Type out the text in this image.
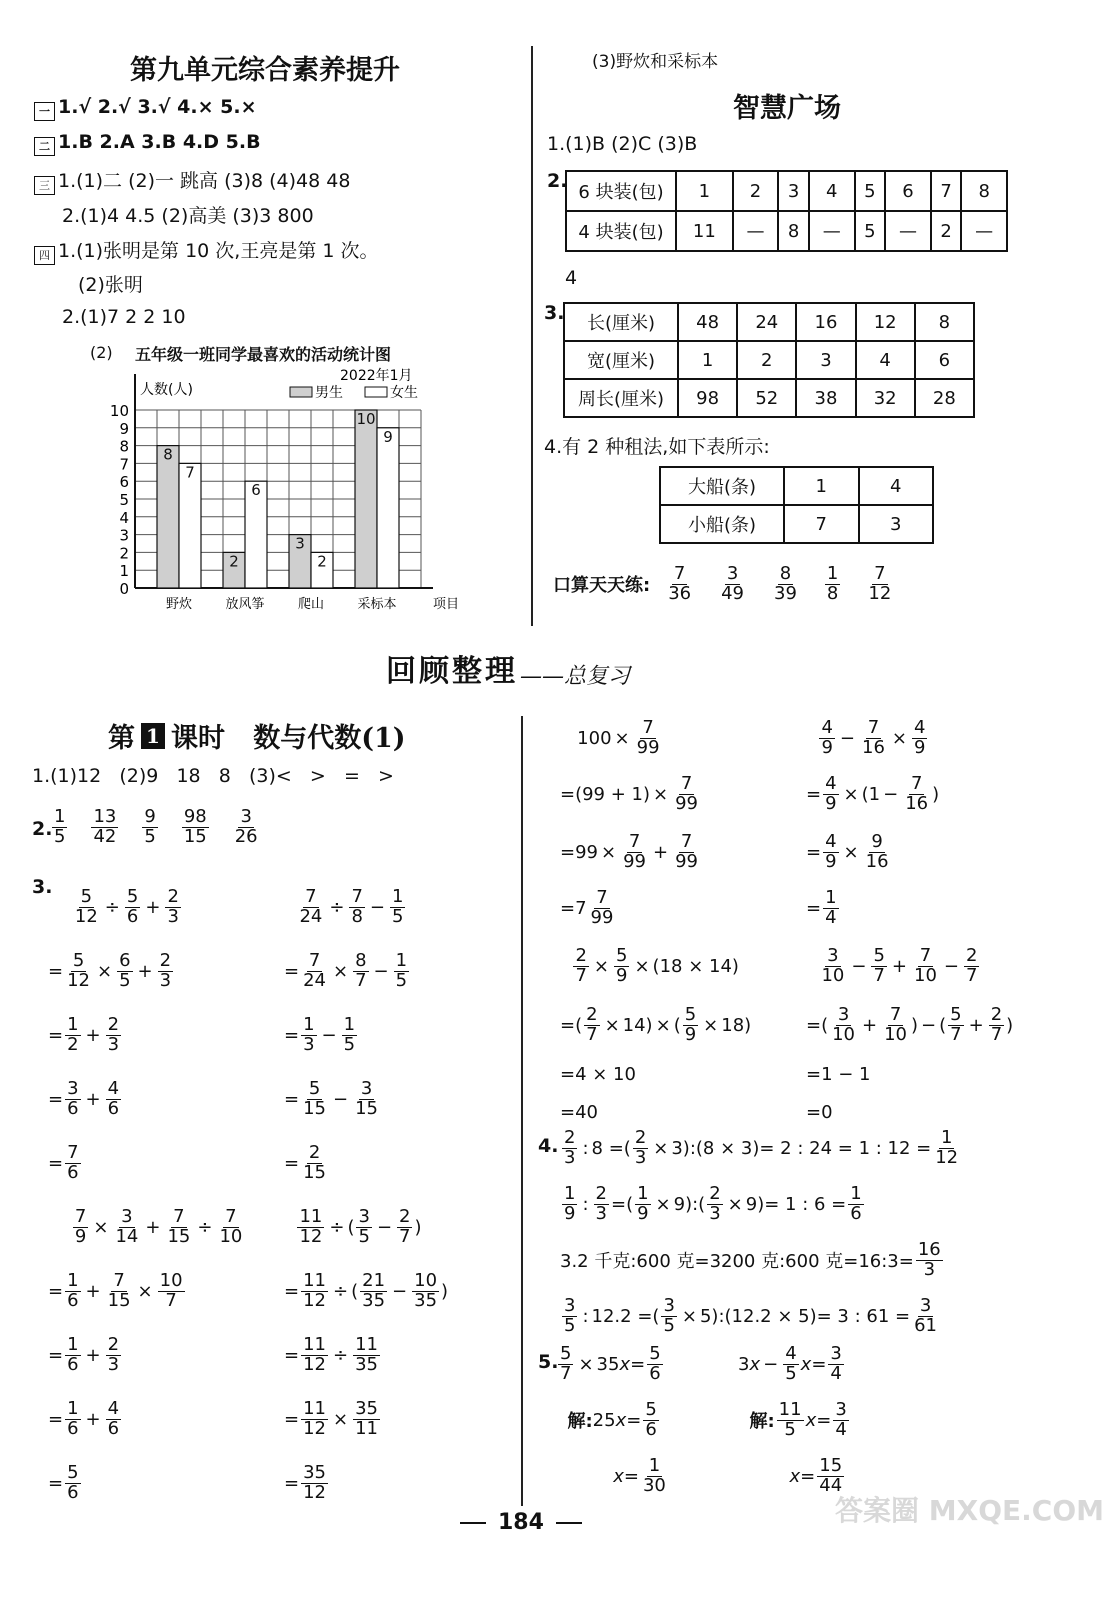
第九单元综合素养提升
一 1.√ 2.√ 3.√ 4.× 5.×
二 1.B 2.A 3.B 4.D 5.B
三 1.(1)二 (2)一 跳高 (3)8 (4)48 48
2.(1)4 4.5 (2)高美 (3)3 800
四 1.(1)张明是第 10 次,王亮是第 1 次。
(2)张明
2.(1)7 2 2 10
(2) 五年级一班同学最喜欢的活动统计图
0
1
2
3
4
5
6
7
8
9
10
人数(人)
2022年1月
男生	女生
8
7
野炊
2
6
放风筝
3
2
爬山
10
9
采标本	项目
(3)野炊和采标本
智慧广场
1.(1)B (2)C (3)B
2.
6 块装(包)	1	2	3	4	5	6	7	8
4 块装(包)	11	—	8	—	5	—	2	—
4
3. 长(厘米)	48	24	16	12	8
宽(厘米)	1	2	3	4	6
周长(厘米)	98	52	38	32	28
4.有 2 种租法,如下表所示:
大船(条)	1	4
小船(条)	7	3
口算天天练: $\frac{7}{36} \frac{3}{49} \frac{8}{39} \frac{1}{8} \frac{7}{12}$
回顾整理 ——总复习
第 1 课时   数与代数(1)
1.(1)12   (2)9   18   8   (3)<   >   =   >
2. $\frac{1}{5} \frac{13}{42} \frac{9}{5} \frac{98}{15} \frac{3}{26}$
3.

$\frac{5}{12} \div \frac{5}{6} + \frac{2}{3}$
= $\frac{5}{12} \times \frac{6}{5} + \frac{2}{3}$
= $\frac{1}{2} + \frac{2}{3}$
= $\frac{3}{6} + \frac{4}{6}$
= $\frac{7}{6}$

$\frac{7}{9} \times \frac{3}{14} + \frac{7}{15} \div \frac{7}{10}$
= $\frac{1}{6} + \frac{7}{15} \times \frac{10}{7}$
= $\frac{1}{6} + \frac{2}{3}$
= $\frac{1}{6} + \frac{4}{6}$
= $\frac{5}{6}$

$\frac{7}{24} \div \frac{7}{8} - \frac{1}{5}$
= $\frac{7}{24} \times \frac{8}{7} - \frac{1}{5}$
= $\frac{1}{3} - \frac{1}{5}$
= $\frac{5}{15} - \frac{3}{15}$
= $\frac{2}{15}$

$\frac{11}{12}$ ÷ ( $\frac{3}{5} - \frac{2}{7}$ )
= $\frac{11}{12}$ ÷ ( $\frac{21}{35} - \frac{10}{35}$ )
= $\frac{11}{12} \div \frac{11}{35}$
= $\frac{11}{12} \times \frac{35}{11}$
= $\frac{35}{12}$
$100 \times \frac{7}{99}$
$=(99 + 1) \times \frac{7}{99}$
$=99 \times \frac{7}{99} + \frac{7}{99}$
$=7 \frac{7}{99}$

$\frac{2}{7} \times \frac{5}{9} \times (18 \times 14)$
=( $\frac{2}{7} \times 14$) × ( $\frac{5}{9} \times 18$)
=4 × 10
=40

$\frac{4}{9} - \frac{7}{16} \times \frac{4}{9}$
= $\frac{4}{9} \times (1 - \frac{7}{16}$ )
= $\frac{4}{9} \times \frac{9}{16}$
= $\frac{1}{4}$

$\frac{3}{10} - \frac{5}{7} + \frac{7}{10} - \frac{2}{7}$
=( $\frac{3}{10} + \frac{7}{10}$ ) − ( $\frac{5}{7} + \frac{2}{7}$ )
=1 − 1
=0
4. $\frac{2}{3}$ : 8 =( $\frac{2}{3}$ × 3):(8 × 3)= 2 : 24 = 1 : $12 = \frac{1}{12}$
$\frac{1}{9}$ : $\frac{2}{3}$ =( $\frac{1}{9}$ × 9):( $\frac{2}{3} \times 9)= 1$ : $6 = \frac{1}{6}$
3.2 千克:600 克=3200 克:600 克=16:3= $\frac{16}{3}$
$\frac{3}{5}$ : 12.2 =( $\frac{3}{5}$ × 5):(12.2 × 5)= 3 : $61 = \frac{3}{61}$
5. $\frac{5}{7} \times 35$ $x = \frac{5}{6}$

解: 25 $x = \frac{5}{6}$

$x = \frac{1}{30}$
3 $x - \frac{4}{5}$ $x = \frac{3}{4}$

解: $\frac{11}{5}$ $x = \frac{3}{4}$

$x = \frac{15}{44}$
184	答案圈 MXQE.COM
